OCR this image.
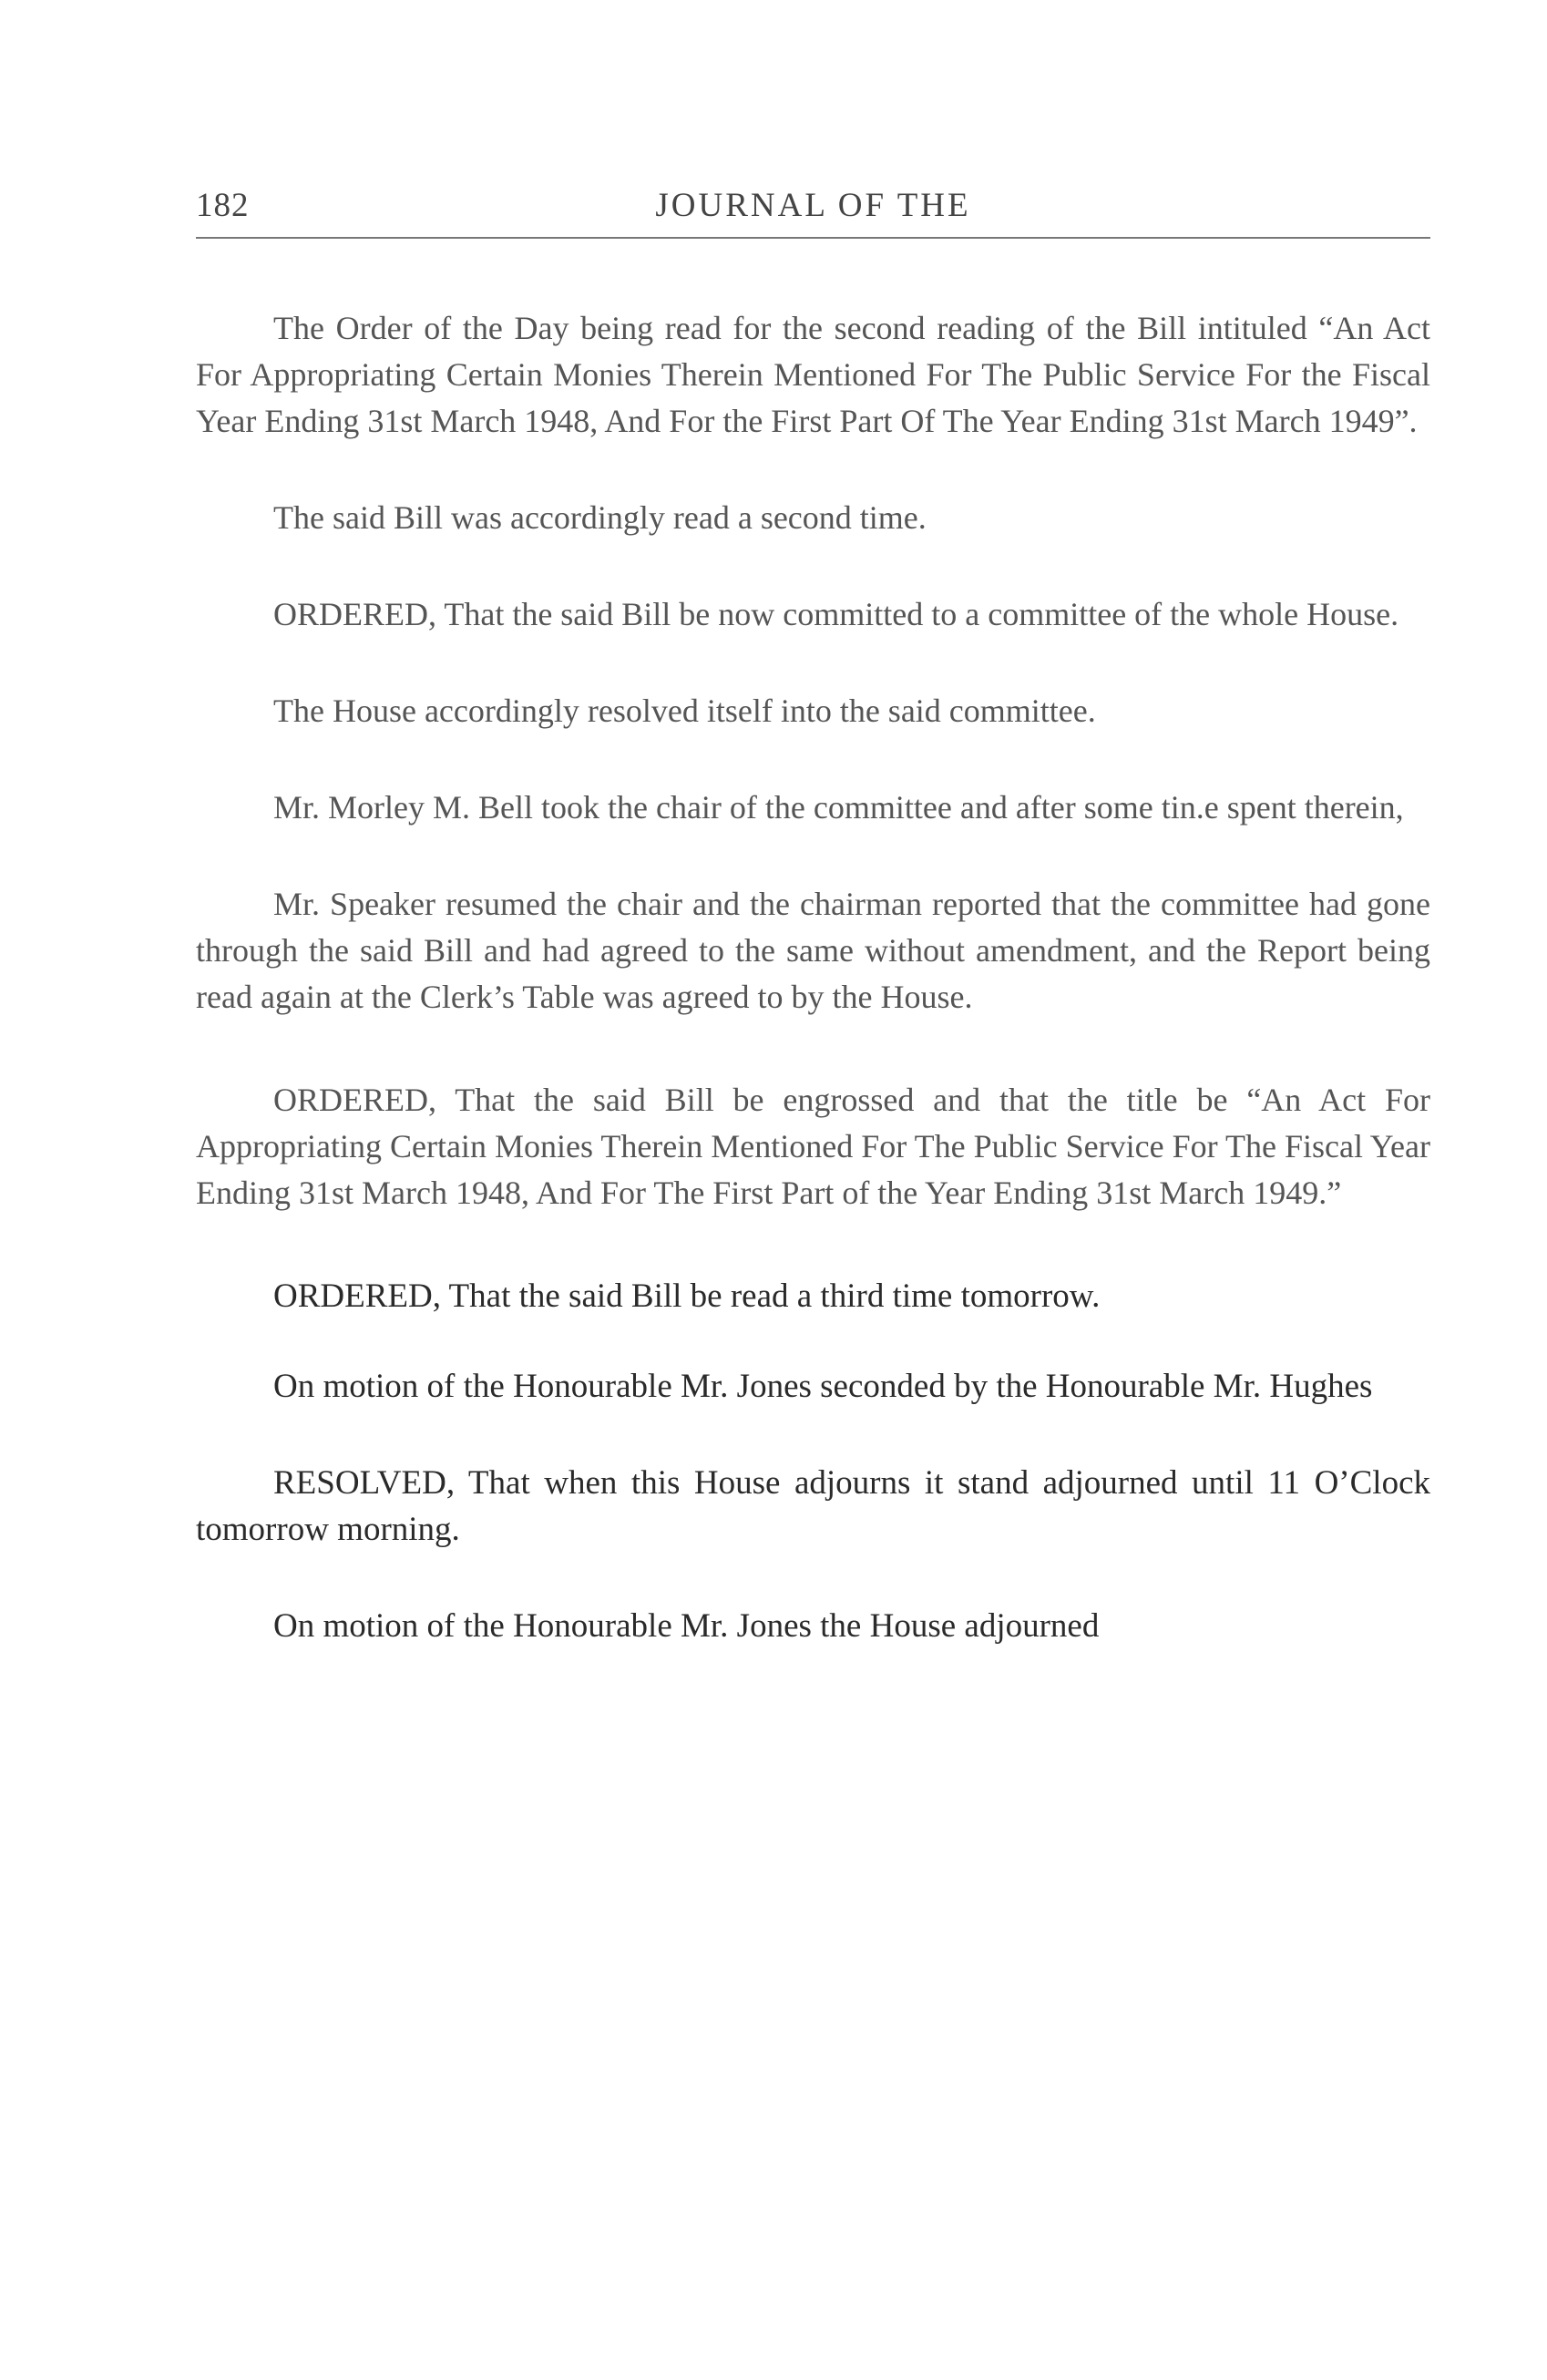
182	JOURNAL OF THE

The Order of the Day being read for the second reading of the Bill intituled “An Act For Appropriating Certain Monies Therein Mentioned For The Public Service For the Fiscal Year Ending 31st March 1948, And For the First Part Of The Year Ending 31st March 1949”.

The said Bill was accordingly read a second time.

ORDERED, That the said Bill be now committed to a committee of the whole House.

The House accordingly resolved itself into the said committee.

Mr. Morley M. Bell took the chair of the committee and after some tin.e spent therein,

Mr. Speaker resumed the chair and the chairman reported that the committee had gone through the said Bill and had agreed to the same without amendment, and the Report being read again at the Clerk’s Table was agreed to by the House.

ORDERED, That the said Bill be engrossed and that the title be “An Act For Appropriating Certain Monies Therein Mentioned For The Public Service For The Fiscal Year Ending 31st March 1948, And For The First Part of the Year Ending 31st March 1949.”

ORDERED, That the said Bill be read a third time tomorrow.

On motion of the Honourable Mr. Jones seconded by the Honourable Mr. Hughes

RESOLVED, That when this House adjourns it stand adjourned until 11 O’Clock tomorrow morning.

On motion of the Honourable Mr. Jones the House adjourned
